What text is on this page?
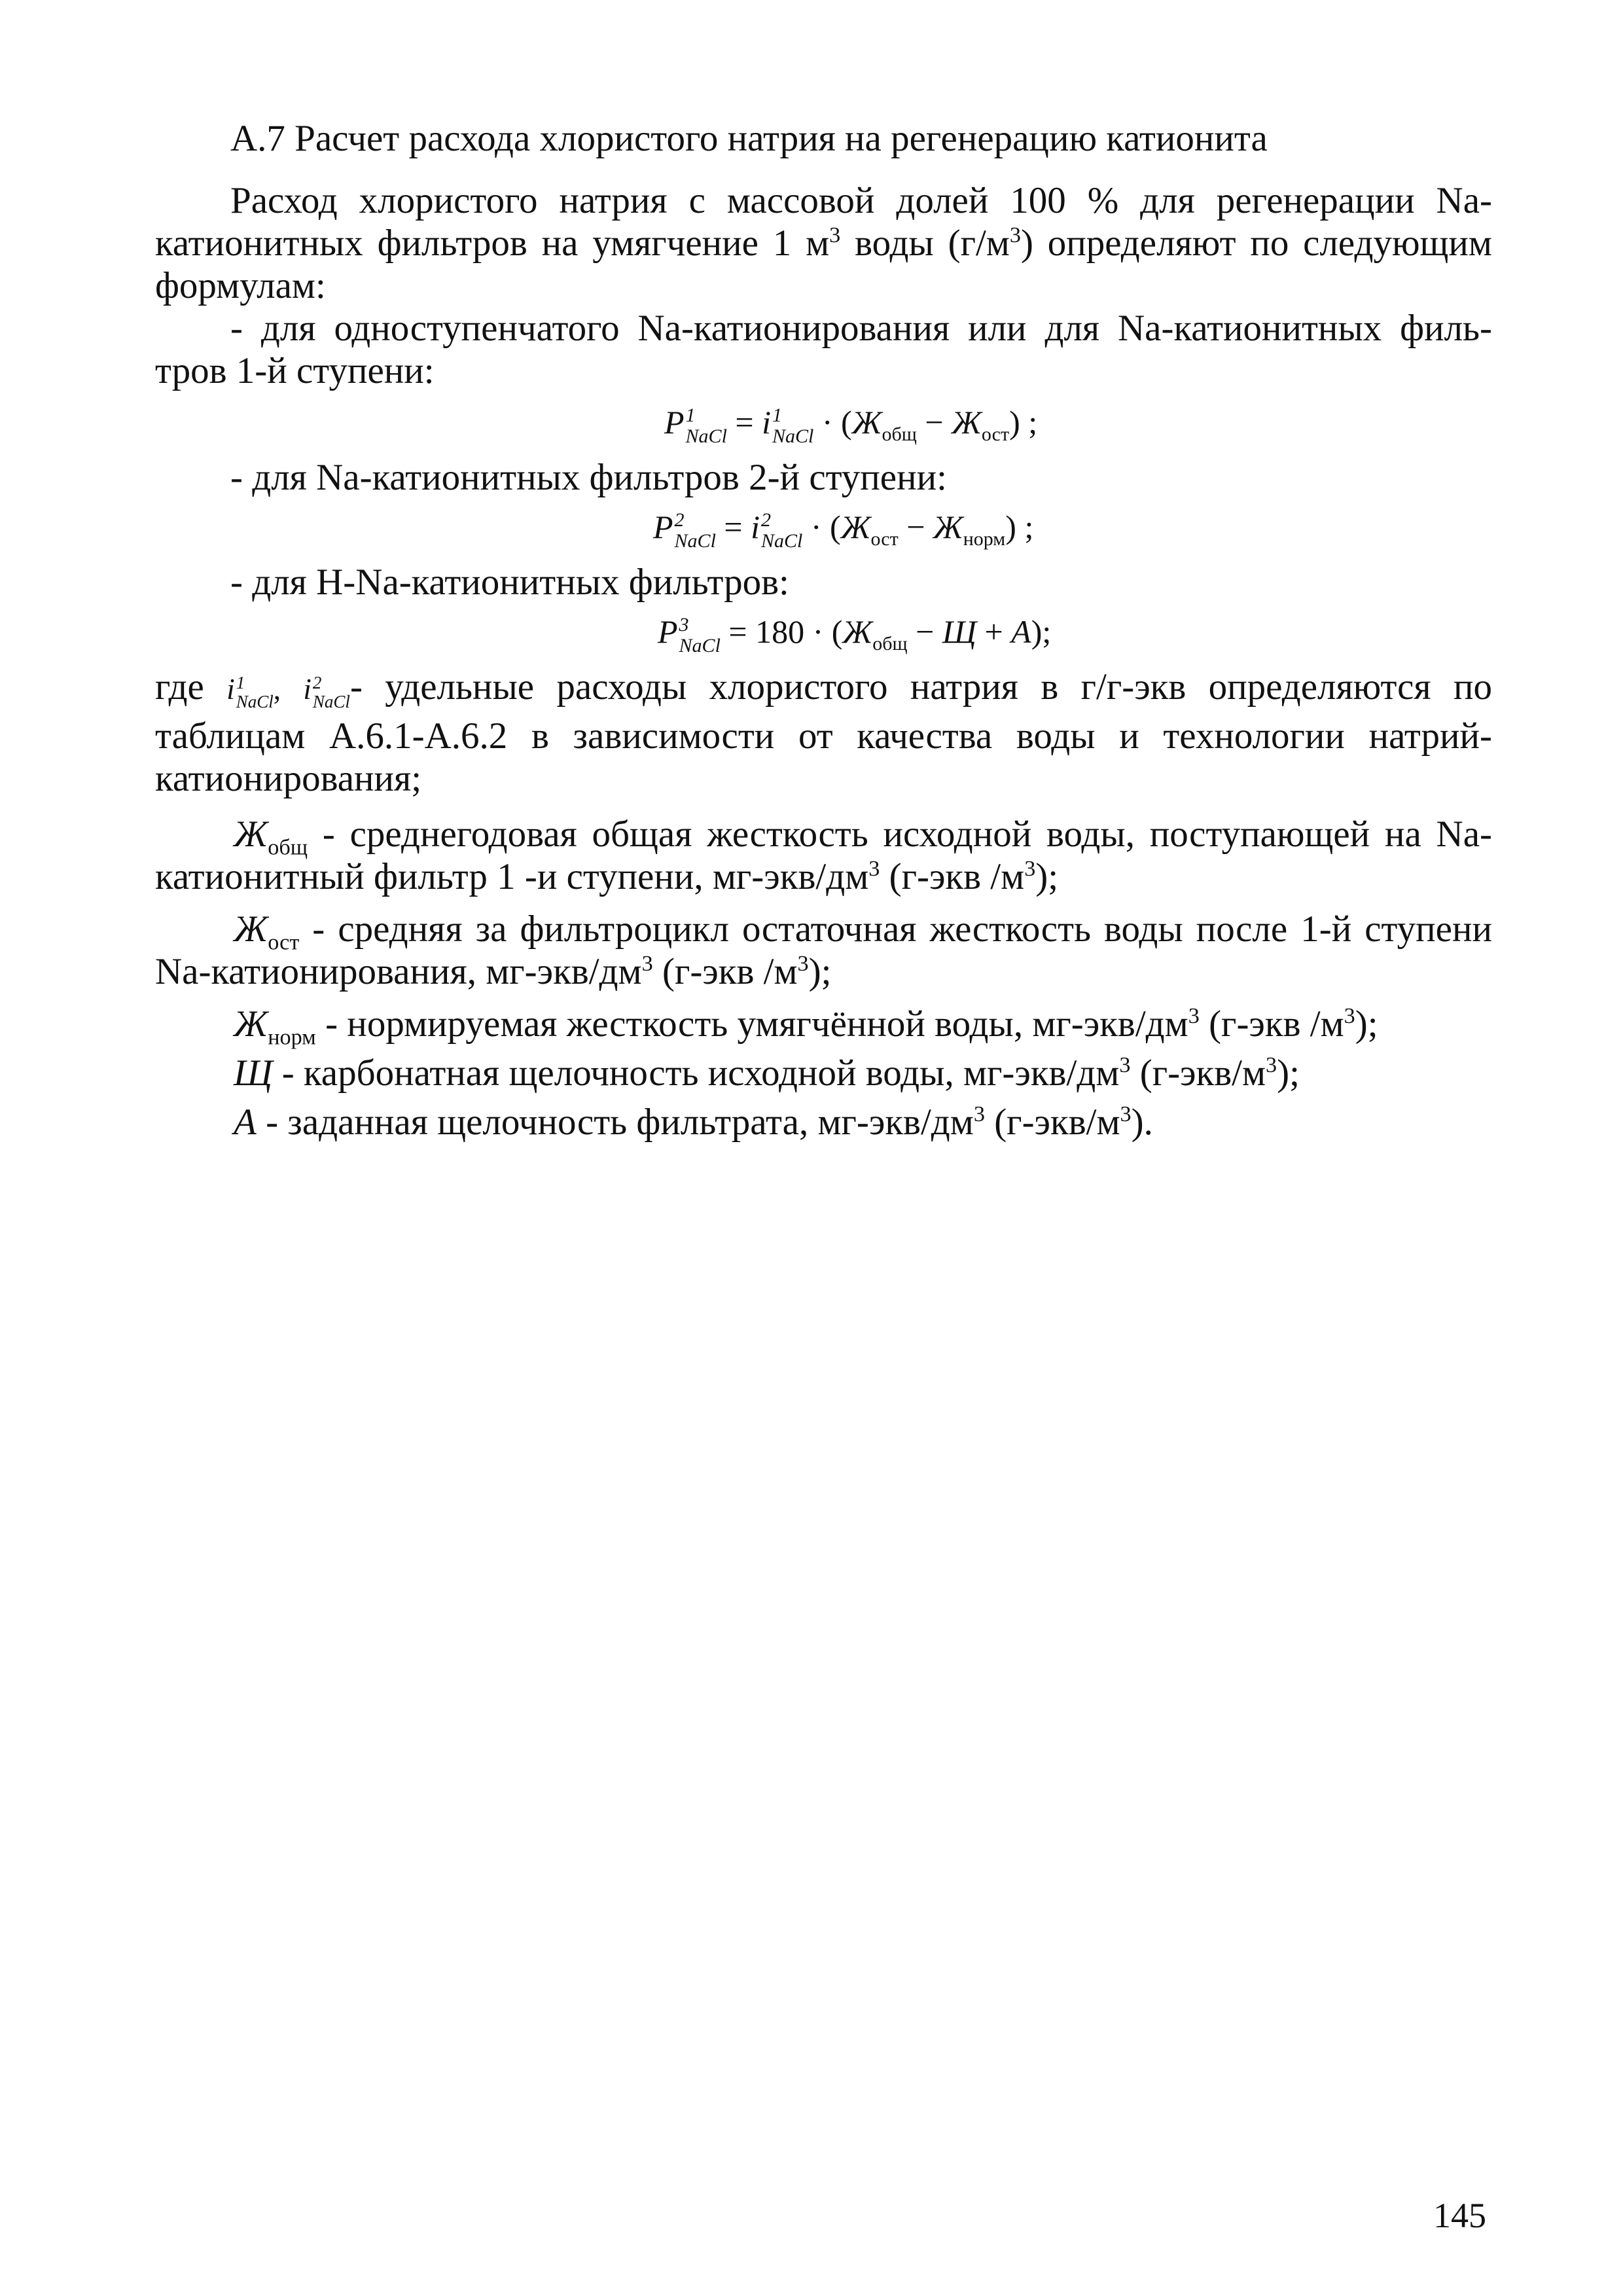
А.7 Расчет расхода хлористого натрия на регенерацию катионита
Расход хлористого натрия с массовой долей 100 % для регенерации Na-
катионитных фильтров на умягчение 1 $м^3$ воды $(г/м^3)$ определяют по следующим
формулам:
- для одноступенчатого Na-катионирования или для Na-катионитных филь-
тров 1-й ступени:
P 1
NaCl = i 1
NaCl · $(Ж_{общ} - Ж_{ост})$ ;
- для Na-катионитных фильтров 2-й ступени:
P 2
NaCl = i 2
NaCl · $(Ж_{ост} - Ж_{норм})$ ;
- для H-Na-катионитных фильтров:
P 3
NaCl = $180 \cdot (Ж_{общ} - Щ + A)$;
где i 1
NaCl , i 2
NaCl - удельные расходы хлористого натрия в г/г-экв определяются по
таблицам А.6.1-А.6.2 в зависимости от качества воды и технологии натрий-
катионирования;
$Ж_{общ}$ - среднегодовая общая жесткость исходной воды, поступающей на Na-
катионитный фильтр 1 -и ступени, $мг-экв/дм^3$ (г-экв $/м^3$);
$Ж_{ост}$ - средняя за фильтроцикл остаточная жесткость воды после 1-й ступени
Na-катионирования, $мг-экв/дм^3$ (г-экв $/м^3$);
$Ж_{норм}$ - нормируемая жесткость умягчённой воды, $мг-экв/дм^3$ (г-экв $/м^3$);
Щ - карбонатная щелочность исходной воды, $мг-экв/дм^3$ $(г-экв/м^3)$;
A - заданная щелочность фильтрата, $мг-экв/дм^3$ $(г-экв/м^3)$.
145
